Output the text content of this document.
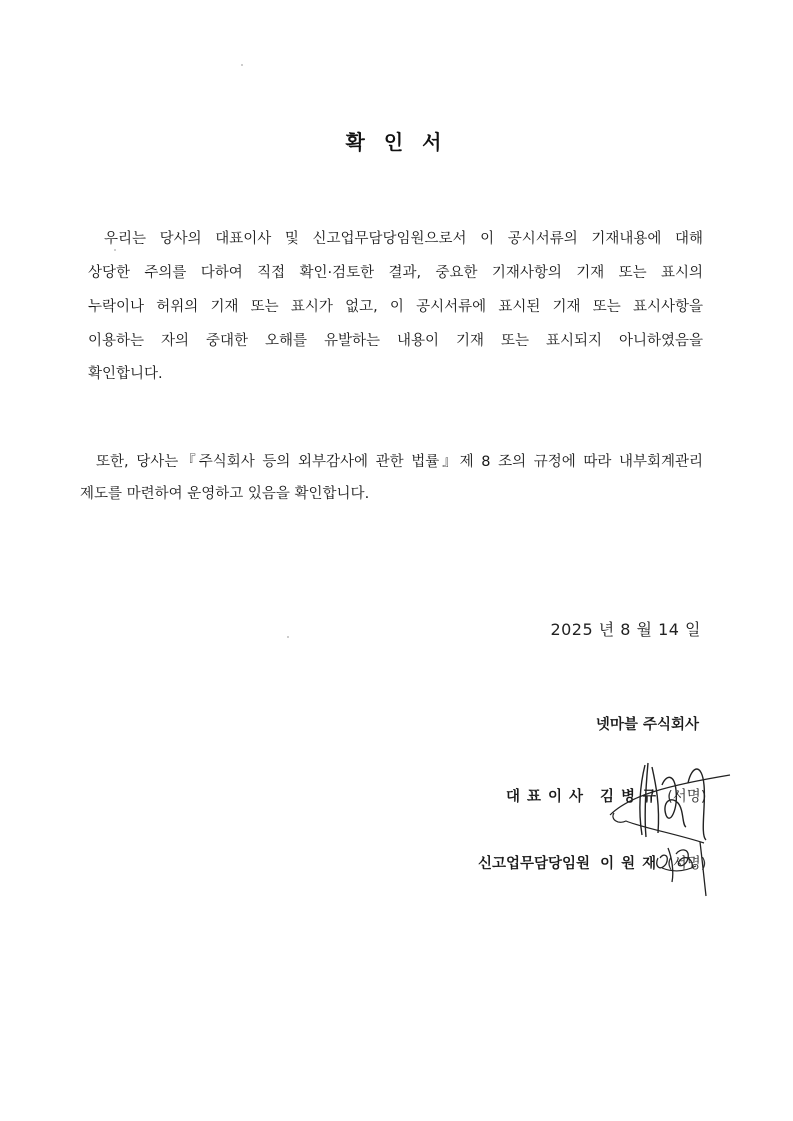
확 인 서
우리는 당사의 대표이사 및 신고업무담당임원으로서 이 공시서류의 기재내용에 대해
상당한 주의를 다하여 직접 확인·검토한 결과, 중요한 기재사항의 기재 또는 표시의
누락이나 허위의 기재 또는 표시가 없고, 이 공시서류에 표시된 기재 또는 표시사항을
이용하는 자의 중대한 오해를 유발하는 내용이 기재 또는 표시되지 아니하였음을
확인합니다.
또한, 당사는『주식회사 등의 외부감사에 관한 법률』제 8 조의 규정에 따라 내부회계관리
제도를 마련하여 운영하고 있음을 확인합니다.
2025 년 8 월 14 일
넷마블 주식회사
대표이사 김병규 (서명)
신고업무담당임원 이원재 (서명)
